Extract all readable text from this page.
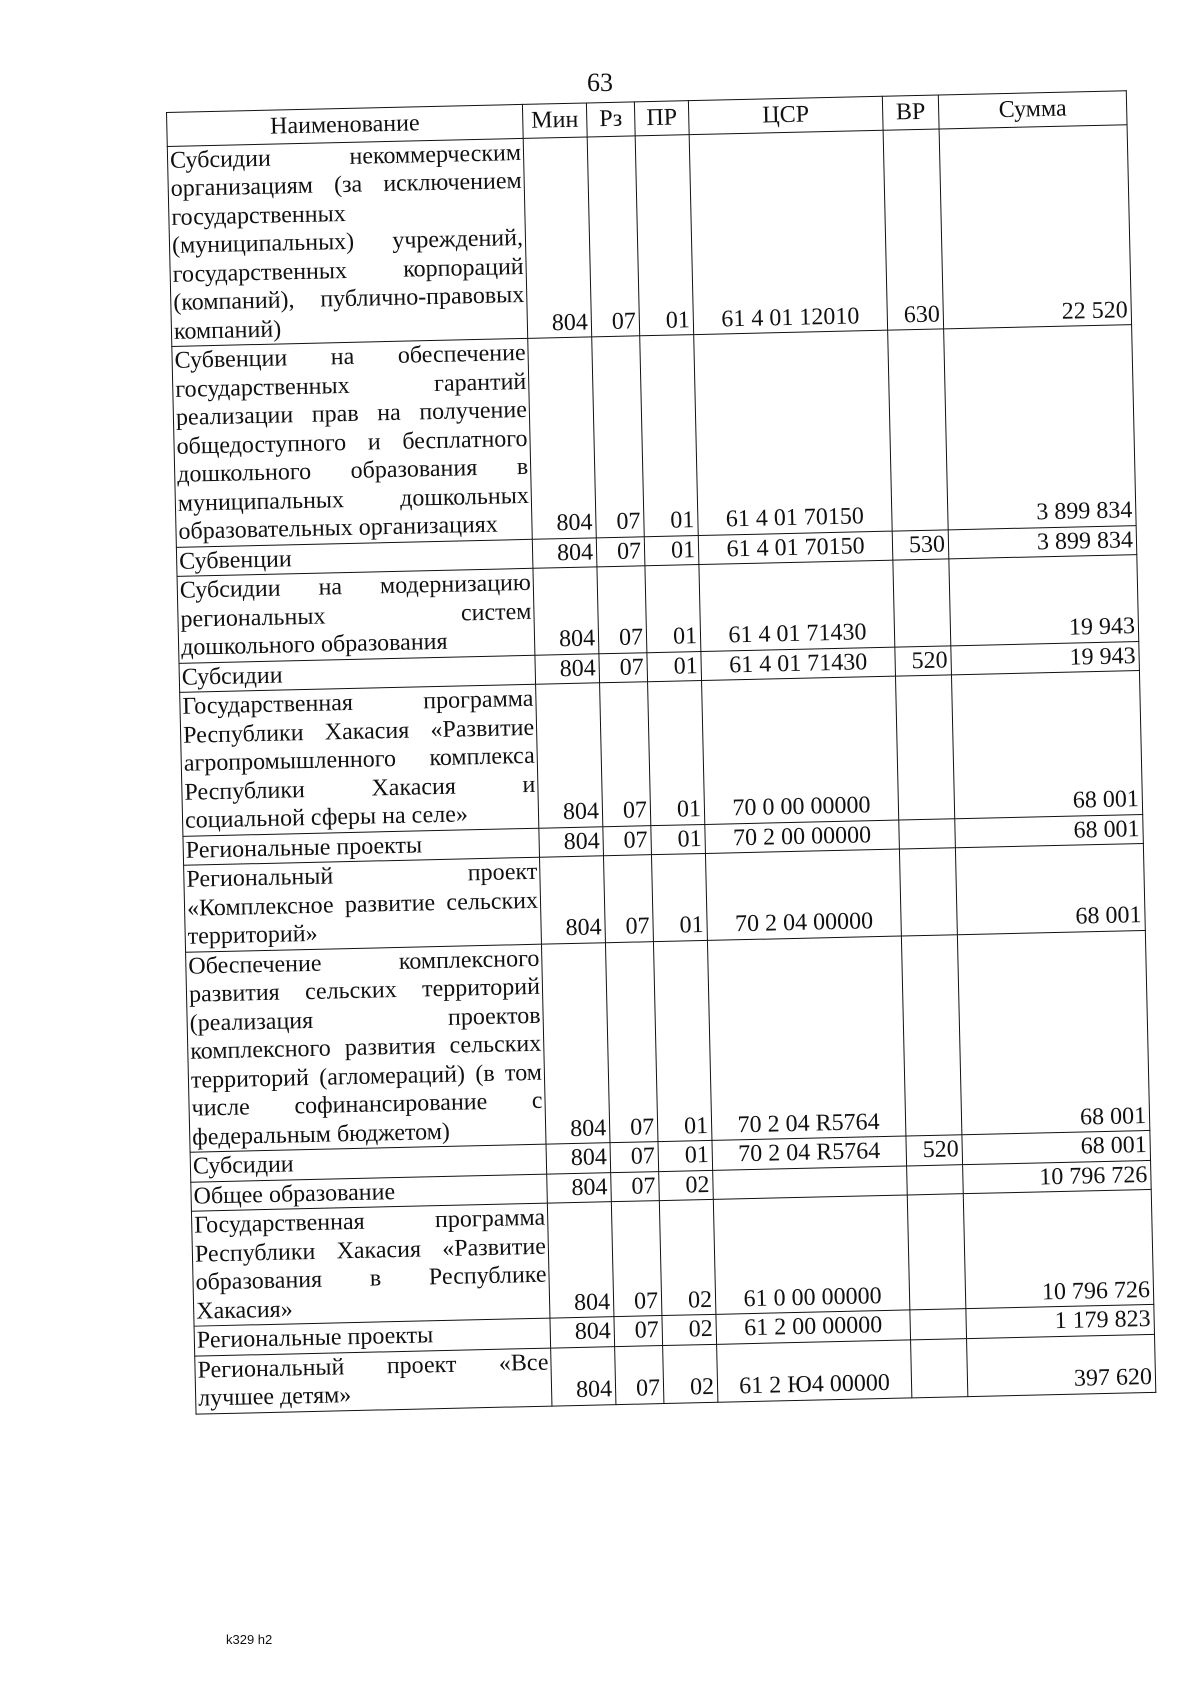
63
Наименование	Мин	Рз	ПР	ЦСР	ВР	Сумма
Субсидии некоммерческим организациям (за исключением государственных (муниципальных) учреждений, государственных корпораций (компаний), публично-правовых компаний)	804	07	01	61 4 01 12010	630	22 520
Субвенции на обеспечение государственных гарантий реализации прав на получение общедоступного и бесплатного дошкольного образования в муниципальных дошкольных образовательных организациях	804	07	01	61 4 01 70150		3 899 834
Субвенции	804	07	01	61 4 01 70150	530	3 899 834
Субсидии на модернизацию региональных систем дошкольного образования	804	07	01	61 4 01 71430		19 943
Субсидии	804	07	01	61 4 01 71430	520	19 943
Государственная программа Республики Хакасия «Развитие агропромышленного комплекса Республики Хакасия и социальной сферы на селе»	804	07	01	70 0 00 00000		68 001
Региональные проекты	804	07	01	70 2 00 00000		68 001
Региональный проект «Комплексное развитие сельских территорий»	804	07	01	70 2 04 00000		68 001
Обеспечение комплексного развития сельских территорий (реализация проектов комплексного развития сельских территорий (агломераций) (в том числе софинансирование с федеральным бюджетом)	804	07	01	70 2 04 R5764		68 001
Субсидии	804	07	01	70 2 04 R5764	520	68 001
Общее образование	804	07	02			10 796 726
Государственная программа Республики Хакасия «Развитие образования в Республике Хакасия»	804	07	02	61 0 00 00000		10 796 726
Региональные проекты	804	07	02	61 2 00 00000		1 179 823
Региональный проект «Все лучшее детям»	804	07	02	61 2 Ю4 00000		397 620
k329 h2
